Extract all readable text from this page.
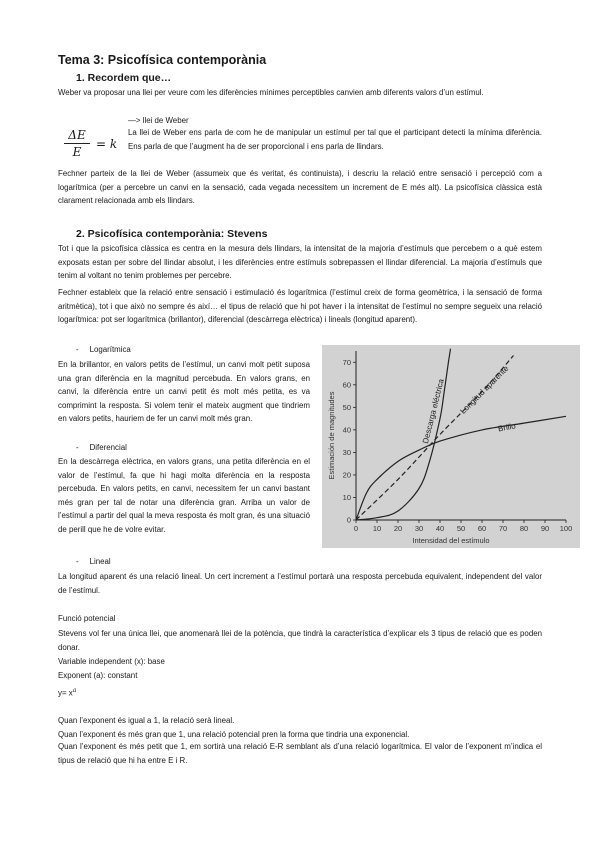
Tema 3: Psicofísica contemporània
1. Recordem que…
Weber va proposar una llei per veure com les diferències mínimes perceptibles canvien amb diferents valors d’un estímul.
$\frac{\Delta E}{E} = k$
—> llei de Weber
La llei de Weber ens parla de com he de manipular un estímul per tal que el participant detecti la mínima diferència. Ens parla de que l’augment ha de ser proporcional i ens parla de llindars.
Fechner parteix de la llei de Weber (assumeix que és veritat, és continuista), i descriu la relació entre sensació i percepció com a logarítmica (per a percebre un canvi en la sensació, cada vegada necessitem un increment de E més alt). La psicofísica clàssica està clarament relacionada amb els llindars.
2. Psicofísica contemporània: Stevens
Tot i que la psicofísica clàssica es centra en la mesura dels llindars, la intensitat de la majoria d’estímuls que percebem o a què estem exposats estan per sobre del llindar absolut, i les diferències entre estímuls sobrepassen el llindar diferencial. La majoria d’estímuls que tenim al voltant no tenim problemes per percebre.
Fechner estableix que la relació entre sensació i estimulació és logarítmica (l’estímul creix de forma geomètrica, i la sensació de forma aritmètica), tot i que això no sempre és així… el tipus de relació que hi pot haver i la intensitat de l’estímul no sempre segueix una relació logarítmica: pot ser logarítmica (brillantor), diferencial (descàrrega elèctrica) i lineals (longitud aparent).
-     Logarítmica
En la brillantor, en valors petits de l’estímul, un canvi molt petit suposa una gran diferència en la magnitud percebuda. En valors grans, en canvi, la diferència entre un canvi petit és molt més petita, es va comprimint la resposta. Si volem tenir el mateix augment que tindriem en valors petits, hauriem de fer un canvi molt més gran.
-     Diferencial
En la descàrrega elèctrica, en valors grans, una petita diferència en el valor de l’estímul, fa que hi hagi molta diferència en la resposta percebuda. En valors petits, en canvi, necessitem fer un canvi bastant més gran per tal de notar una diferència gran. Arriba un valor de l’estímul a partir del qual la meva resposta és molt gran, és una situació de perill que he de volre evitar.
-     Lineal
La longitud aparent és una relació lineal. Un cert increment a l’estímul portarà una resposta percebuda equivalent, independent del valor de l’estímul.
0 10 20 30 40 50 60 70 80 90 100
0
10
20
30
40
50
60
70
Intensidad del estímulo
Estimación de magnitudes	Descarga eléctrica Longitud aparente
Brillo
Funció potencial
Stevens vol fer una única llei, que anomenarà llei de la potència, que tindrà la característica d’explicar els 3 tipus de relació que es poden donar.
Variable independent (x): base
Exponent (a): constant
$y= x^a$
Quan l’exponent és igual a 1, la relació serà lineal.
Quan l’exponent és més gran que 1, una relació potencial pren la forma que tindria una exponencial.
Quan l’exponent és més petit que 1, em sortirà una relació E-R semblant als d’una relació logarítmica. El valor de l’exponent m’indica el tipus de relació que hi ha entre E i R.
